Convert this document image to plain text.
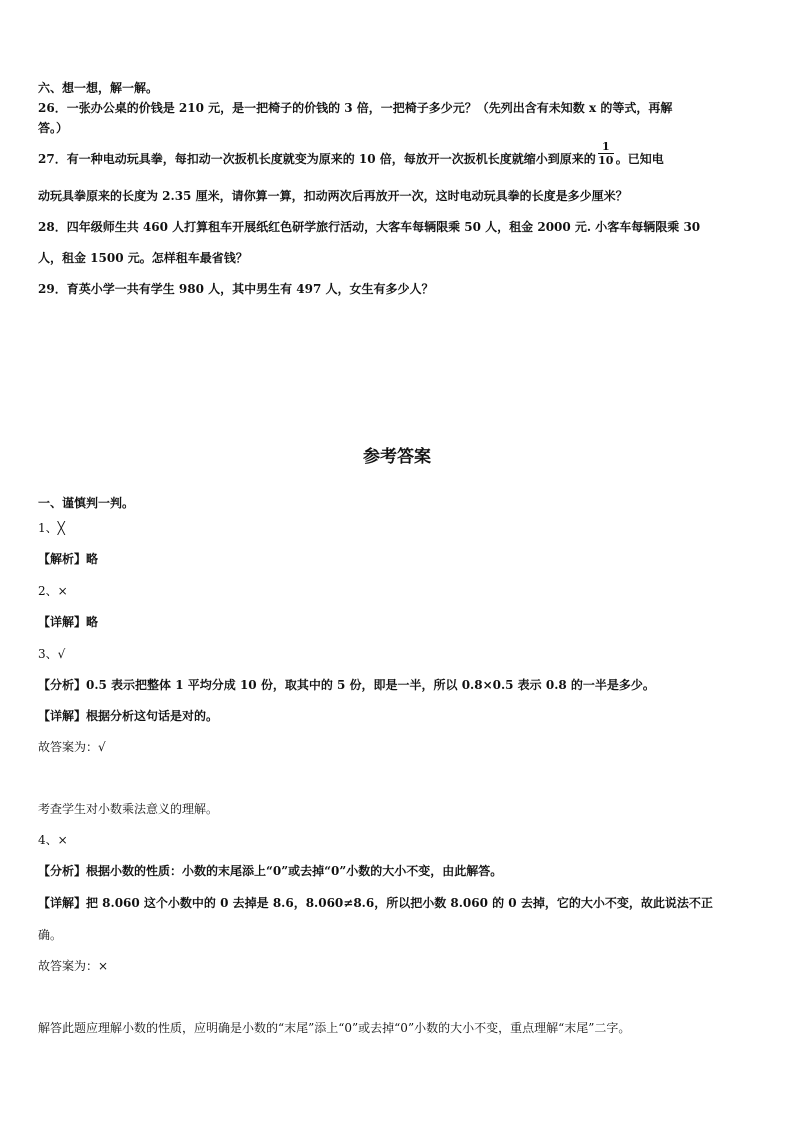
六、想一想，解一解。
26．一张办公桌的价钱是 210 元，是一把椅子的价钱的 3 倍，一把椅子多少元？（先列出含有未知数 x 的等式，再解
答。）
27．有一种电动玩具拳，每扣动一次扳机长度就变为原来的 10 倍，每放开一次扳机长度就缩小到原来的 $\frac{1}{10}$ 。已知电
动玩具拳原来的长度为 2.35 厘米，请你算一算，扣动两次后再放开一次，这时电动玩具拳的长度是多少厘米？
28．四年级师生共 460 人打算租车开展纸红色研学旅行活动，大客车每辆限乘 50 人，租金 2000 元. 小客车每辆限乘 30
人，租金 1500 元。怎样租车最省钱？
29．育英小学一共有学生 980 人，其中男生有 497 人，女生有多少人？
参考答案
一、谨慎判一判。
1、╳
【解析】略
2、×
【详解】略
3、√
【分析】0.5 表示把整体 1 平均分成 10 份，取其中的 5 份，即是一半，所以 0.8×0.5 表示 0.8 的一半是多少。
【详解】根据分析这句话是对的。
故答案为：√
考查学生对小数乘法意义的理解。
4、×
【分析】根据小数的性质：小数的末尾添上“0”或去掉“0”小数的大小不变，由此解答。
【详解】把 8.060 这个小数中的 0 去掉是 8.6，8.060≠8.6，所以把小数 8.060 的 0 去掉，它的大小不变，故此说法不正
确。
故答案为：×
解答此题应理解小数的性质，应明确是小数的“末尾”添上“0”或去掉“0”小数的大小不变，重点理解“末尾”二字。
